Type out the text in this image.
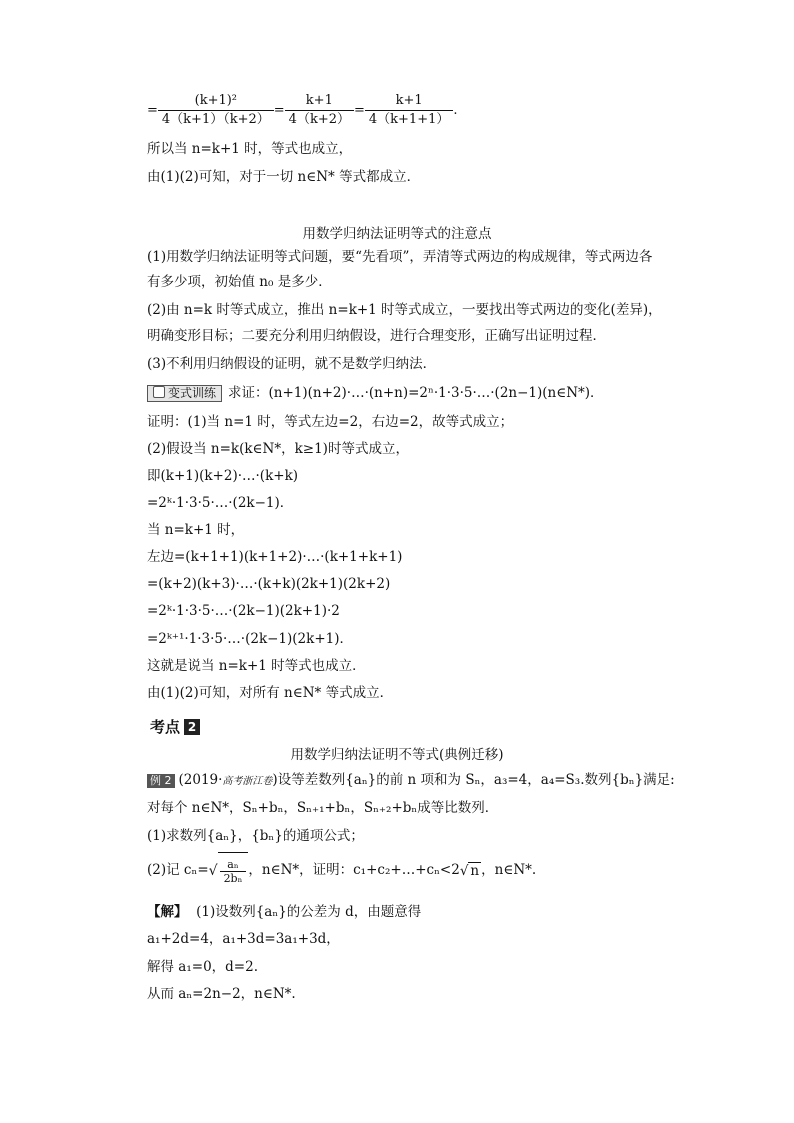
= $\frac{\text{(k+1)²}}{4(k+1)(k+2)} = \frac{k+1}{4(k+2)} = \frac{k+1}{4(k+1+1)}$ .
所以当 n=k+1 时，等式也成立，
由(1)(2)可知，对于一切 n∈N* 等式都成立．
用数学归纳法证明等式的注意点
(1)用数学归纳法证明等式问题，要“先看项”，弄清等式两边的构成规律，等式两边各
有多少项，初始值 n₀ 是多少．
(2)由 n=k 时等式成立，推出 n=k+1 时等式成立，一要找出等式两边的变化(差异)，
明确变形目标；二要充分利用归纳假设，进行合理变形，正确写出证明过程．
(3)不利用归纳假设的证明，就不是数学归纳法．
变式训练 求证：(n+1)(n+2)·…·(n+n)=2ⁿ·1·3·5·…·(2n−1)(n∈N*)．
证明：(1)当 n=1 时，等式左边=2，右边=2，故等式成立；
(2)假设当 n=k(k∈N*，k≥1)时等式成立，
即(k+1)(k+2)·…·(k+k)
=2ᵏ·1·3·5·…·(2k−1)．
当 n=k+1 时，
左边=(k+1+1)(k+1+2)·…·(k+1+k+1)
=(k+2)(k+3)·…·(k+k)(2k+1)(2k+2)
=2ᵏ·1·3·5·…·(2k−1)(2k+1)·2
=2ᵏ⁺¹·1·3·5·…·(2k−1)(2k+1)．
这就是说当 n=k+1 时等式也成立．
由(1)(2)可知，对所有 n∈N* 等式成立．
考点 2
用数学归纳法证明不等式(典例迁移)
例 2 (2019·高考浙江卷)设等差数列{aₙ}的前 n 项和为 Sₙ，a₃=4，a₄=S₃.数列{bₙ}满足:
对每个 n∈N*，Sₙ+bₙ，Sₙ₊₁+bₙ，Sₙ₊₂+bₙ成等比数列．
(1)求数列{aₙ}，{bₙ}的通项公式；
(2)记 $c_n=√ \frac{\text{aₙ}}{\text{2bₙ}}$ ，n∈N*，证明：c₁+c₂+…+cₙ<2√ n ，n∈N*.
【解】 (1)设数列{aₙ}的公差为 d，由题意得
a₁+2d=4，a₁+3d=3a₁+3d，
解得 a₁=0，d=2.
从而 aₙ=2n−2，n∈N*.
